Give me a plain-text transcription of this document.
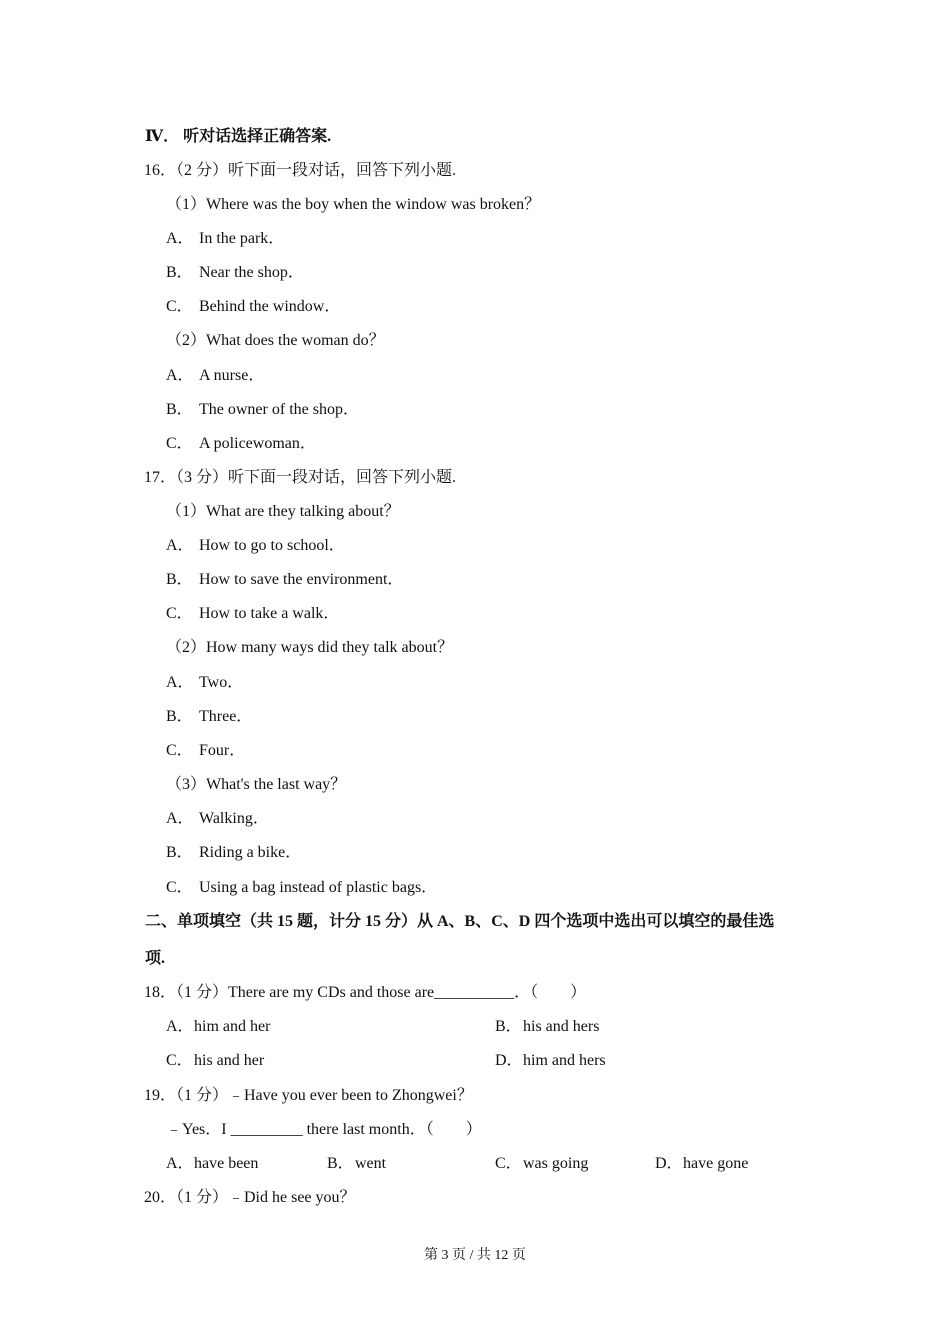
Ⅳ． 听对话选择正确答案.
16．（2 分）听下面一段对话，回答下列小题.
（1）Where was the boy when the window was broken？
A． In the park．
B． Near the shop．
C． Behind the window．
（2）What does the woman do？
A． A nurse．
B． The owner of the shop．
C． A policewoman．
17．（3 分）听下面一段对话，回答下列小题.
（1）What are they talking about？
A． How to go to school．
B． How to save the environment．
C． How to take a walk．
（2）How many ways did they talk about？
A． Two．
B． Three．
C． Four．
（3）What's the last way？
A． Walking．
B． Riding a bike．
C． Using a bag instead of plastic bags．
二、单项填空（共 15 题，计分 15 分）从 A、B、C、D 四个选项中选出可以填空的最佳选
项.
18．（1 分）There are my CDs and those are__________．（　　）
A．him and her	B．his and hers
C．his and her	D．him and hers
19．（1 分）﹣Have you ever been to Zhongwei？
﹣Yes．I _________ there last month．（　　）
A．have been	B．went	C．was going	D．have gone
20．（1 分）﹣Did he see you？
第 3 页 / 共 12 页
